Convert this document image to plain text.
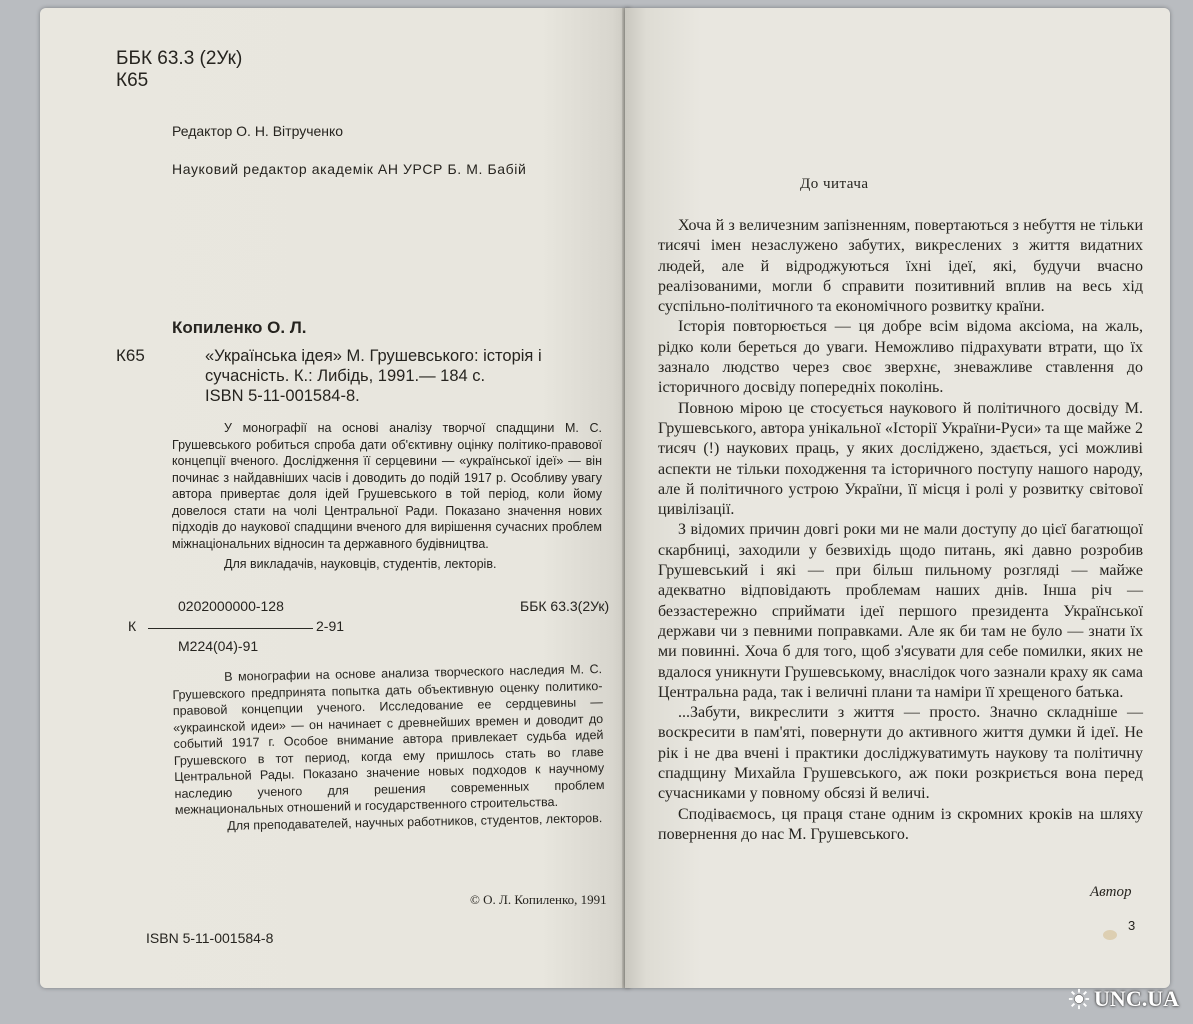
ББК 63.3 (2Ук)
К65
Редактор О. Н. Вітрученко
Науковий редактор академік АН УРСР Б. М. Бабій
Копиленко О. Л.
К65	«Українська ідея» М. Грушевського: історія і сучасність. К.: Либідь, 1991.— 184 с.
ISBN 5-11-001584-8.

У монографії на основі аналізу творчої спадщини М. С. Грушевського робиться спроба дати об'єктивну оцінку політико-правової концепції вченого. Дослідження її серцевини — «української ідеї» — він починає з найдавніших часів і доводить до подій 1917 р. Особливу увагу автора привертає доля ідей Грушевського в той період, коли йому довелося стати на чолі Центральної Ради. Показано значення нових підходів до наукової спадщини вченого для вирішення сучасних проблем міжнаціональних відносин та державного будівництва.

Для викладачів, науковців, студентів, лекторів.

0202000000-128	ББК 63.3(2Ук)
К	2-91
М224(04)-91

В монографии на основе анализа творческого наследия М. С. Грушевского предпринята попытка дать объективную оценку политико-правовой концепции ученого. Исследование ее сердцевины — «украинской идеи» — он начинает с древнейших времен и доводит до событий 1917 г. Особое внимание автора привлекает судьба идей Грушевского в тот период, когда ему пришлось стать во главе Центральной Рады. Показано значение новых подходов к научному наследию ученого для решения современных проблем межнациональных отношений и государственного строительства.

Для преподавателей, научных работников, студентов, лекторов.

© О. Л. Копиленко, 1991
ISBN 5-11-001584-8
До читача

Хоча й з величезним запізненням, повертаються з небуття не тільки тисячі імен незаслужено забутих, викреслених з життя видатних людей, але й відроджуються їхні ідеї, які, будучи вчасно реалізованими, могли б справити позитивний вплив на весь хід суспільно-політичного та економічного розвитку країни.

Історія повторюється — ця добре всім відома аксіома, на жаль, рідко коли береться до уваги. Неможливо підрахувати втрати, що їх зазнало людство через своє зверхнє, зневажливе ставлення до історичного досвіду попередніх поколінь.

Повною мірою це стосується наукового й політичного досвіду М. Грушевського, автора унікальної «Історії України-Руси» та ще майже 2 тисяч (!) наукових праць, у яких досліджено, здається, усі можливі аспекти не тільки походження та історичного поступу нашого народу, але й політичного устрою України, її місця і ролі у розвитку світової цивілізації.

З відомих причин довгі роки ми не мали доступу до цієї багатющої скарбниці, заходили у безвихідь щодо питань, які давно розробив Грушевський і які — при більш пильному розгляді — майже адекватно відповідають проблемам наших днів. Інша річ — беззастережно сприймати ідеї першого президента Української держави чи з певними поправками. Але як би там не було — знати їх ми повинні. Хоча б для того, щоб з'ясувати для себе помилки, яких не вдалося уникнути Грушевському, внаслідок чого зазнали краху як сама Центральна рада, так і величні плани та наміри її хрещеного батька.

...Забути, викреслити з життя — просто. Значно складніше — воскресити в пам'яті, повернути до активного життя думки й ідеї. Не рік і не два вчені і практики досліджуватимуть наукову та політичну спадщину Михайла Грушевського, аж поки розкриється вона перед сучасниками у повному обсязі й величі.

Сподіваємось, ця праця стане одним із скромних кроків на шляху повернення до нас М. Грушевського.

Автор
3
UNC.UA
